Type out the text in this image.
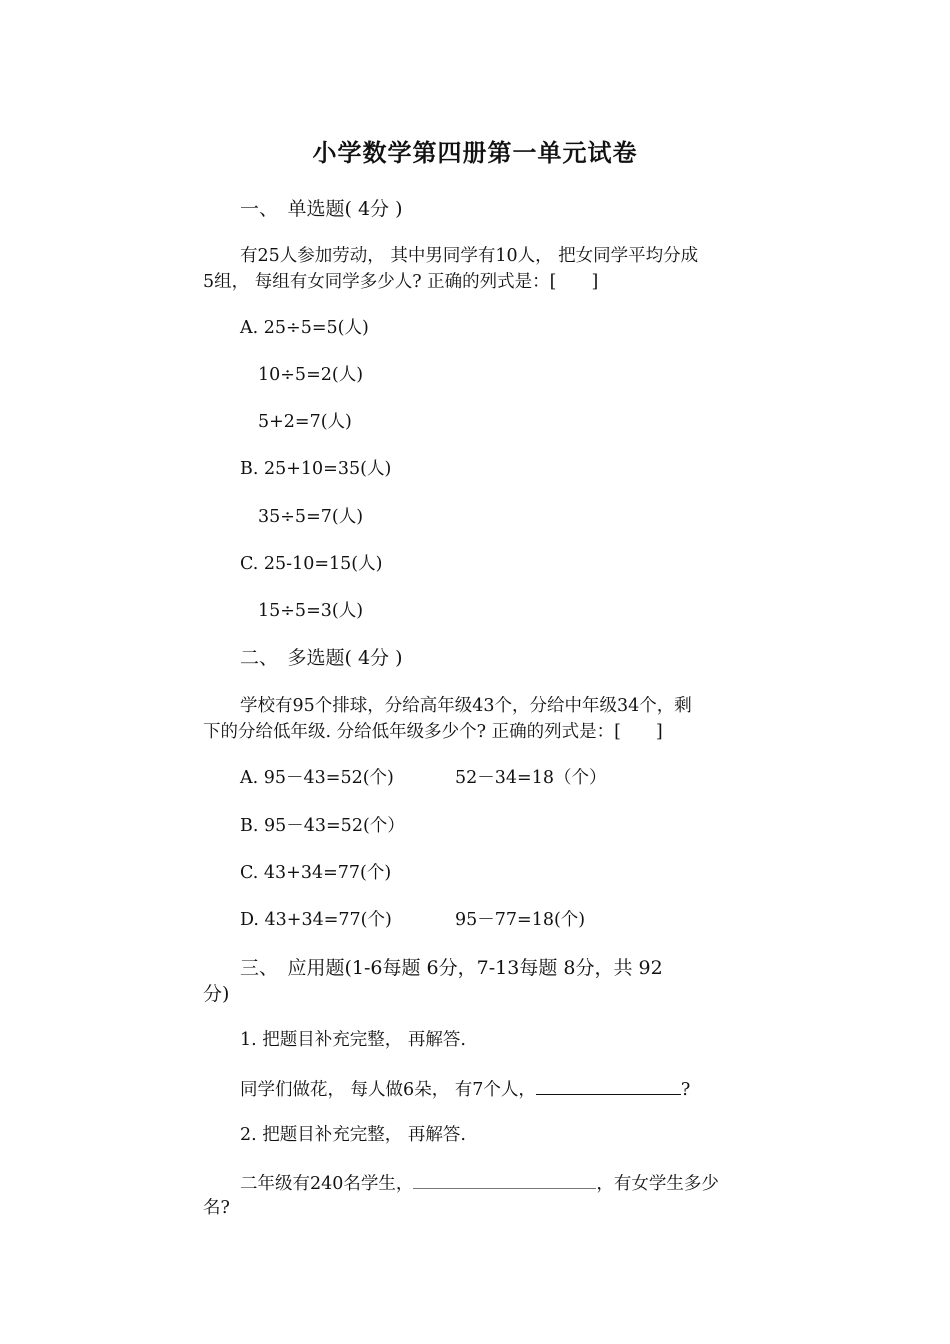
小学数学第四册第一单元试卷
一、　单选题( 4分 )
有25人参加劳动， 其中男同学有10人， 把女同学平均分成
5组， 每组有女同学多少人? 正确的列式是：[　　]
A. 25÷5=5(人)
10÷5=2(人)
5+2=7(人)
B. 25+10=35(人)
35÷5=7(人)
C. 25-10=15(人)
15÷5=3(人)
二、　多选题( 4分 )
学校有95个排球，分给高年级43个，分给中年级34个，剩
下的分给低年级. 分给低年级多少个? 正确的列式是：[　　]
A. 95－43=52(个)	52－34=18（个）
B. 95－43=52(个）
C. 43+34=77(个)
D. 43+34=77(个)	95－77=18(个)
三、　应用题(1-6每题 6分，7-13每题 8分，共 92
分)
1. 把题目补充完整， 再解答.
同学们做花， 每人做6朵， 有7个人，	?
2. 把题目补充完整， 再解答.
二年级有240名学生，	，有女学生多少
名?
